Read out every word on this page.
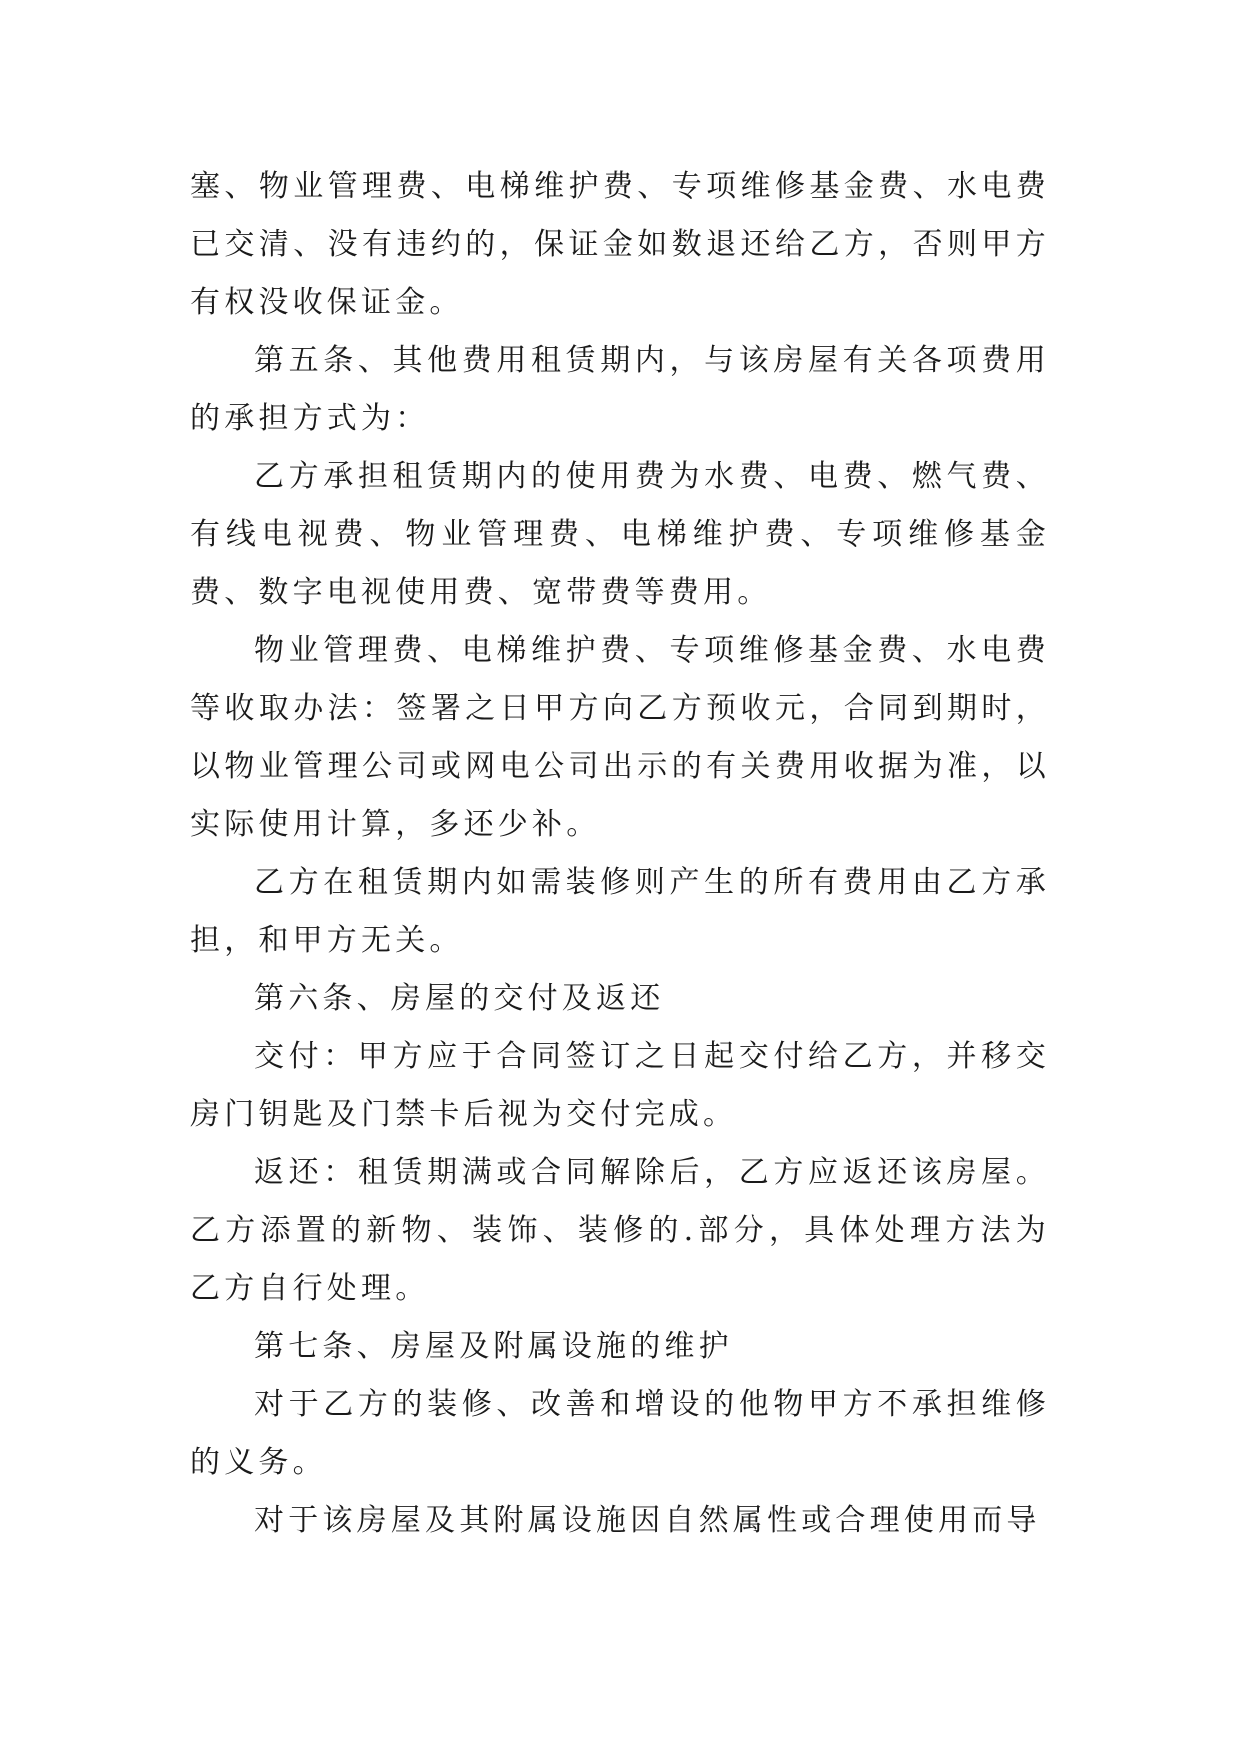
塞、物业管理费、电梯维护费、专项维修基金费、水电费已交清、没有违约的，保证金如数退还给乙方，否则甲方有权没收保证金。

第五条、其他费用租赁期内，与该房屋有关各项费用的承担方式为：

乙方承担租赁期内的使用费为水费、电费、燃气费、有线电视费、物业管理费、电梯维护费、专项维修基金费、数字电视使用费、宽带费等费用。

物业管理费、电梯维护费、专项维修基金费、水电费等收取办法：签署之日甲方向乙方预收元，合同到期时，以物业管理公司或网电公司出示的有关费用收据为准，以实际使用计算，多还少补。

乙方在租赁期内如需装修则产生的所有费用由乙方承担，和甲方无关。

第六条、房屋的交付及返还

交付：甲方应于合同签订之日起交付给乙方，并移交房门钥匙及门禁卡后视为交付完成。

返还：租赁期满或合同解除后，乙方应返还该房屋。乙方添置的新物、装饰、装修的.部分，具体处理方法为乙方自行处理。

第七条、房屋及附属设施的维护

对于乙方的装修、改善和增设的他物甲方不承担维修的义务。

对于该房屋及其附属设施因自然属性或合理使用而导
